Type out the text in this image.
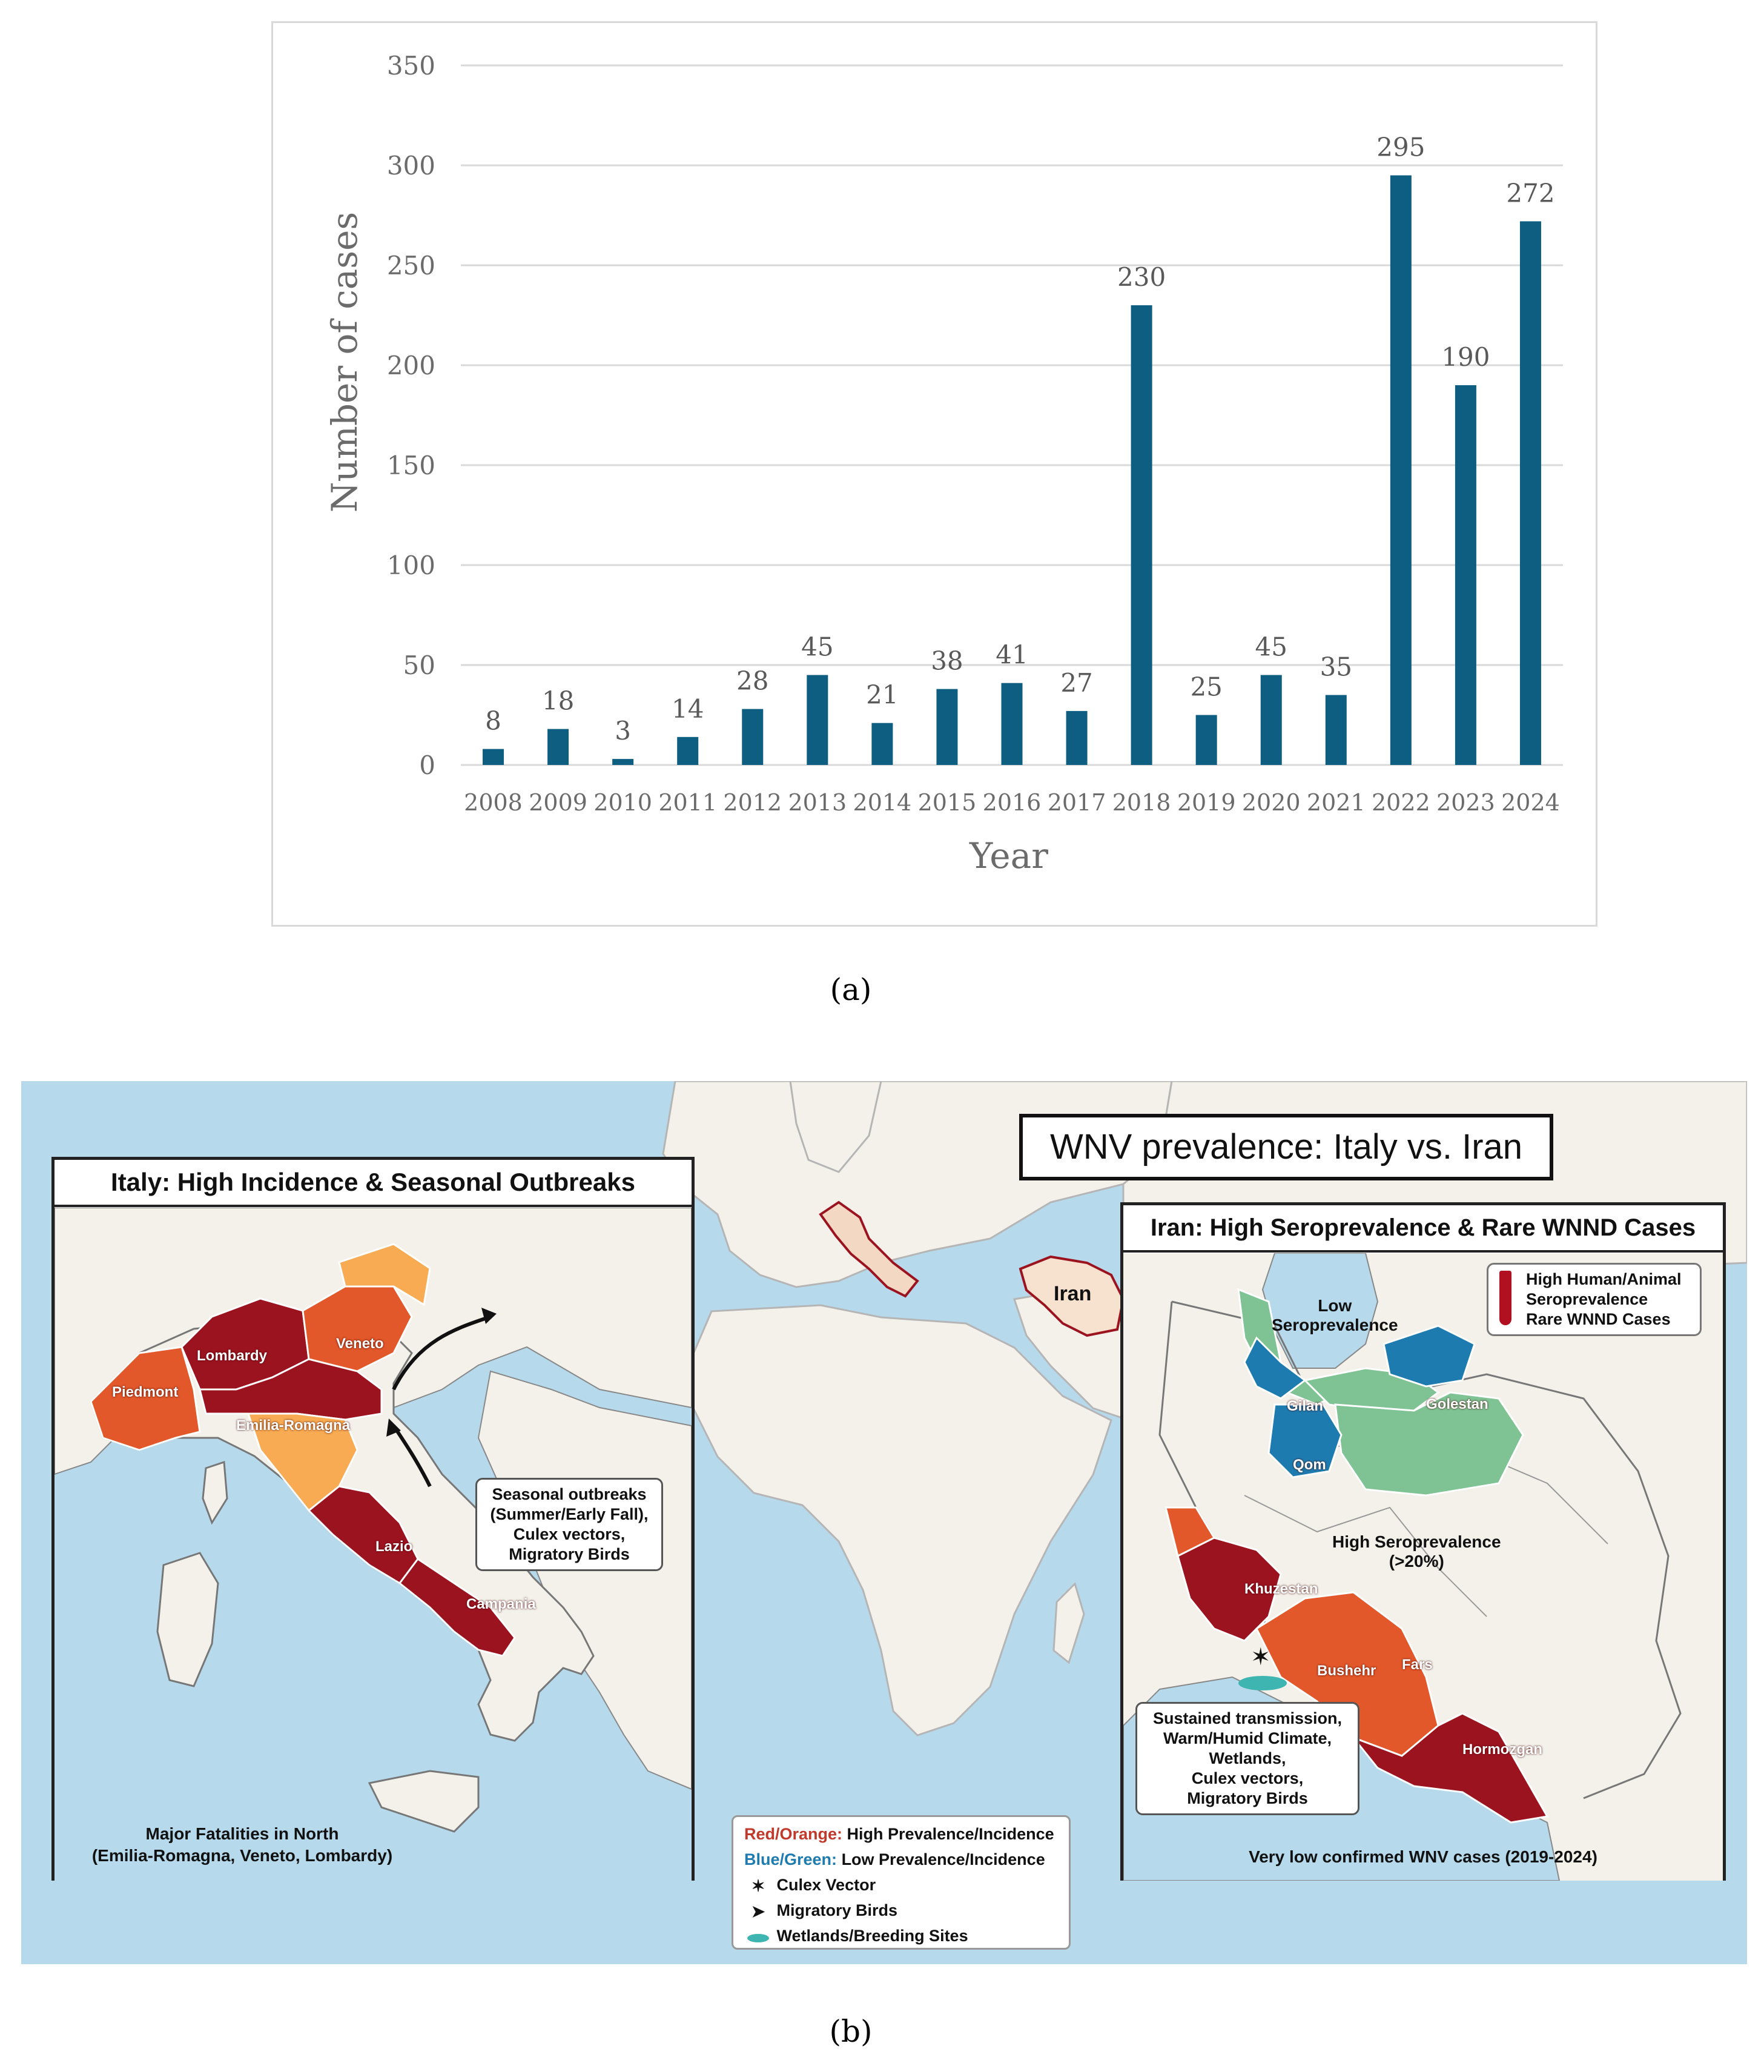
0
50
100
150
200
250
300
350
8
2008
18
2009
3
2010
14
2011
28
2012
45
2013
21
2014
38
2015
41
2016
27
2017
230
2018
25
2019
45
2020
35
2021
295
2022
190
2023
272
2024
Number of cases
Year
(a)
WNV prevalence: Italy vs. Iran
Iran
Italy: High Incidence & Seasonal Outbreaks
Lombardy
Veneto
Piedmont
Emilia-Romagna
Lazio
Campania
Seasonal outbreaks
(Summer/Early Fall),
Culex vectors,
Migratory Birds
Major Fatalities in North
(Emilia-Romagna, Veneto, Lombardy)
Iran: High Seroprevalence & Rare WNND Cases
✶
Low
Seroprevalence
Gilan	Golestan
Qom
High Seroprevalence
(>20%)
Khuzestan
Bushehr Fars
Hormozgan
High Human/Animal
Seroprevalence
Rare WNND Cases
Sustained transmission,
Warm/Humid Climate,
Wetlands,
Culex vectors,
Migratory Birds
Very low confirmed WNV cases (2019-2024)
Red/Orange: High Prevalence/Incidence
Blue/Green: Low Prevalence/Incidence
✶ Culex Vector
➤ Migratory Birds
Wetlands/Breeding Sites
(b)
